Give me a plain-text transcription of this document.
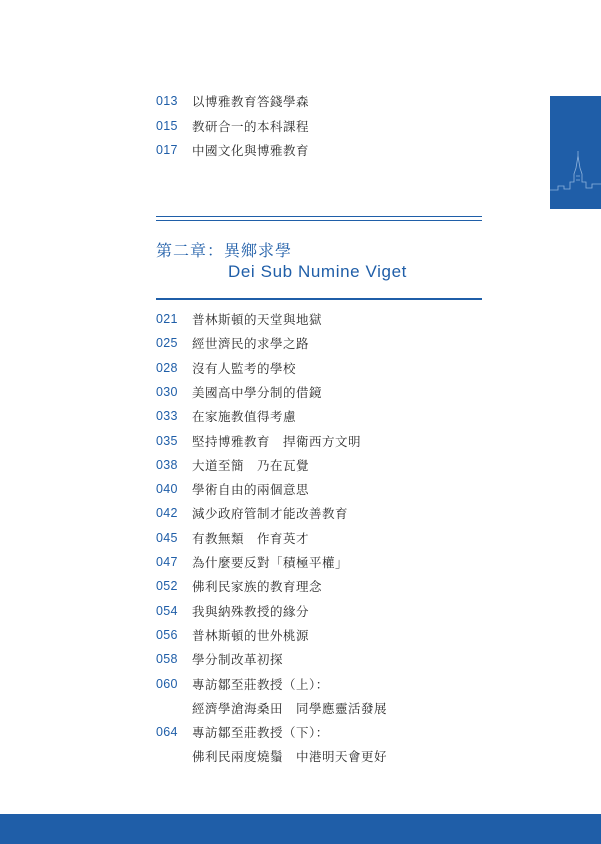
013	以博雅教育答錢學森
015	教研合一的本科課程
017	中國文化與博雅教育
第二章：異鄉求學
Dei Sub Numine Viget
021	普林斯頓的天堂與地獄
025	經世濟民的求學之路
028	沒有人監考的學校
030	美國高中學分制的借鏡
033	在家施教值得考慮
035	堅持博雅教育　捍衛西方文明
038	大道至簡　乃在瓦覺
040	學術自由的兩個意思
042	減少政府管制才能改善教育
045	有教無類　作育英才
047	為什麼要反對「積極平權」
052	佛利民家族的教育理念
054	我與納殊教授的緣分
056	普林斯頓的世外桃源
058	學分制改革初探
060	專訪鄒至莊教授（上）：
經濟學滄海桑田　同學應靈活發展
064	專訪鄒至莊教授（下）：
佛利民兩度燒鬚　中港明天會更好
